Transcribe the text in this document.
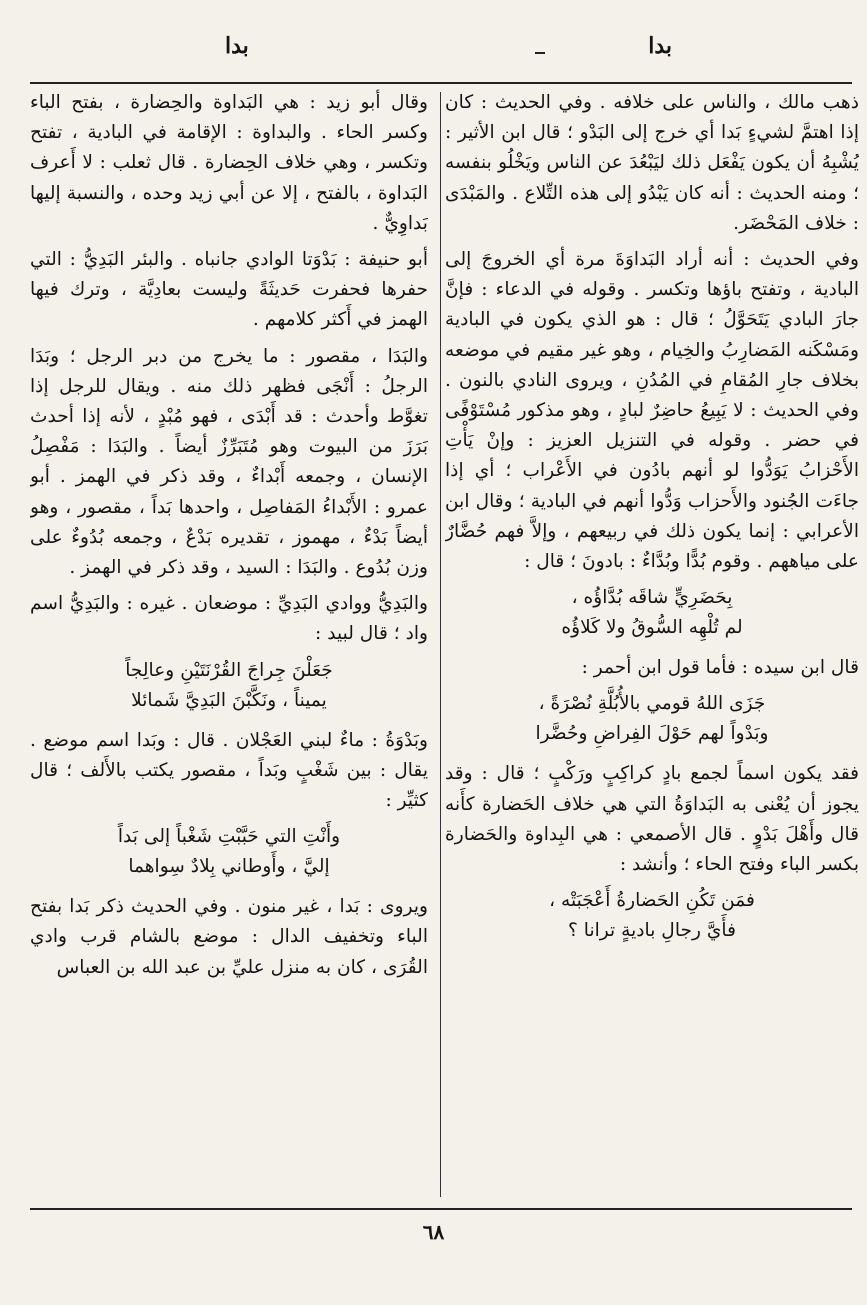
بدا
بدا

ذهب مالك ، والناس على خلافه . وفي الحديث : كان إذا اهتمَّ لشيءٍ بَدا أي خرج إلى البَدْو ؛ قال ابن الأثير : يُشْبِهُ أن يكون يَفْعَل ذلك ليَبْعُدَ عن الناس ويَخْلُو بنفسه ؛ ومنه الحديث : أنه كان يَبْدُو إلى هذه التِّلاع . والمَبْدَى : خلاف المَحْضَر.

وفي الحديث : أنه أراد البَداوَةَ مرة أي الخروجَ إلى البادية ، وتفتح باؤها وتكسر . وقوله في الدعاء : فإنَّ جارَ البادي يَتَحَوَّلُ ؛ قال : هو الذي يكون في البادية ومَسْكَنه المَضارِبُ والخِيام ، وهو غير مقيم في موضعه بخلاف جارِ المُقامِ في المُدُنِ ، ويروى النادي بالنون . وفي الحديث : لا يَبِيعُ حاضِرٌ لبادٍ ، وهو مذكور مُسْتَوْفًى في حضر . وقوله في التنزيل العزيز : وإنْ يَأْتِ الأَحْزابُ يَوَدُّوا لو أنهم بادُون في الأَعْراب ؛ أي إذا جاءَت الجُنود والأَحزاب وَدُّوا أنهم في البادية ؛ وقال ابن الأعرابي : إنما يكون ذلك في ربيعهم ، وإلاَّ فهم حُضَّارٌ على مياههم . وقوم بُدًّا وبُدَّاءٌ : بادونَ ؛ قال :

بِحَضَرِيٍّ شاقَه بُدَّاؤُه ،
لم تُلْهِه السُّوقُ ولا كَلاؤُه

قال ابن سيده : فأما قول ابن أحمر :

جَزَى اللهُ قومي بالأُبُلَّةِ نُصْرَةً ،
وبَدْواً لهم حَوْلَ الفِراضِ وحُضَّرا

فقد يكون اسماً لجمع بادٍ كراكِبٍ ورَكْبٍ ؛ قال : وقد يجوز أن يُعْنى به البَداوَةُ التي هي خلاف الحَضارة كأَنه قال وأَهْلَ بَدْوٍ . قال الأصمعي : هي البِداوة والحَضارة بكسر الباء وفتح الحاء ؛ وأنشد :

فمَن تَكُنِ الحَضارةُ أَعْجَبَتْه ،
فأَيَّ رجالِ باديةٍ ترانا ؟

وقال أبو زيد : هي البَداوة والحِضارة ، بفتح الباء وكسر الحاء . والبداوة : الإقامة في البادية ، تفتح وتكسر ، وهي خلاف الحِضارة . قال ثعلب : لا أَعرف البَداوة ، بالفتح ، إلا عن أبي زيد وحده ، والنسبة إليها بَداوِيٌّ .

أبو حنيفة : بَدْوَتا الوادي جانباه . والبئر البَدِيُّ : التي حفرها فحفرت حَديثَةً وليست بعادِيَّة ، وترك فيها الهمز في أَكثر كلامهم .

والبَدَا ، مقصور : ما يخرج من دبر الرجل ؛ وبَدَا الرجلُ : أَنْجَى فظهر ذلك منه . ويقال للرجل إذا تغوَّط وأحدث : قد أَبْدَى ، فهو مُبْدٍ ، لأنه إذا أحدث بَرَزَ من البيوت وهو مُتَبَرِّزٌ أيضاً . والبَدَا : مَفْصِلُ الإنسان ، وجمعه أَبْداءٌ ، وقد ذكر في الهمز . أبو عمرو : الأَبْداءُ المَفاصِل ، واحدها بَداً ، مقصور ، وهو أيضاً بَدْءٌ ، مهموز ، تقديره بَدْعٌ ، وجمعه بُدُوءٌ على وزن بُدُوع . والبَدَا : السيد ، وقد ذكر في الهمز .

والبَدِيُّ ووادي البَدِيِّ : موضعان . غيره : والبَدِيُّ اسم واد ؛ قال لبيد :

جَعَلْنَ جِراجَ القُرْنَتَيْنِ وعالِجاً
يميناً ، ونَكَّبْنَ البَدِيَّ شَمائلا

وبَدْوَةُ : ماءٌ لبني العَجْلان . قال : وبَدا اسم موضع . يقال : بين شَغْبٍ وبَداً ، مقصور يكتب بالأَلف ؛ قال كثيِّر :

وأَنْتِ التي حَبَّبْتِ شَغْباً إلى بَداً
إليَّ ، وأَوطاني بِلادٌ سِواهما

ويروى : بَدا ، غير منون . وفي الحديث ذكر بَدا بفتح الباء وتخفيف الدال : موضع بالشام قرب وادي القُرَى ، كان به منزل عليِّ بن عبد الله بن العباس

٦٨
